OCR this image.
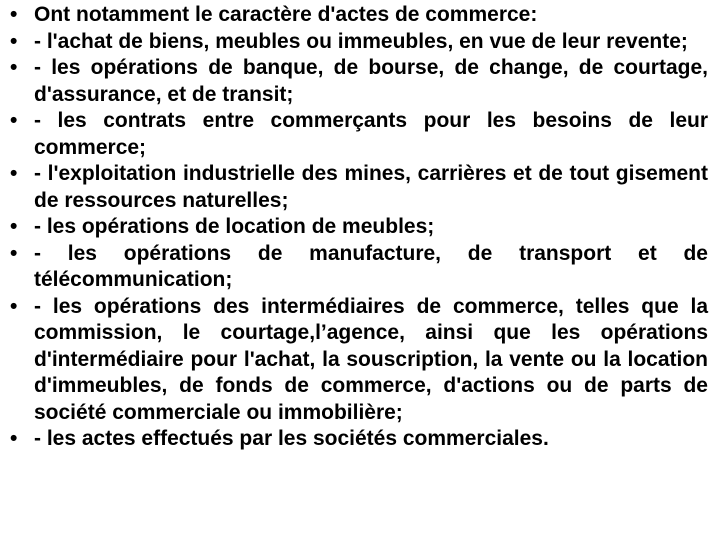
• Ont notamment le caractère d'actes de commerce:
• - l'achat de biens, meubles ou immeubles, en vue de leur revente;
• - les opérations de banque, de bourse, de change, de courtage, d'assurance, et de transit;
• - les contrats entre commerçants pour les besoins de leur commerce;
• - l'exploitation industrielle des mines, carrières et de tout gisement de ressources naturelles;
• - les opérations de location de meubles;
• - les opérations de manufacture, de transport et de télécommunication;
• - les opérations des intermédiaires de commerce, telles que la commission, le courtage,l’agence, ainsi que les opérations d'intermédiaire pour l'achat, la souscription, la vente ou la location d'immeubles, de fonds de commerce, d'actions ou de parts de société commerciale ou immobilière;
• - les actes effectués par les sociétés commerciales.
